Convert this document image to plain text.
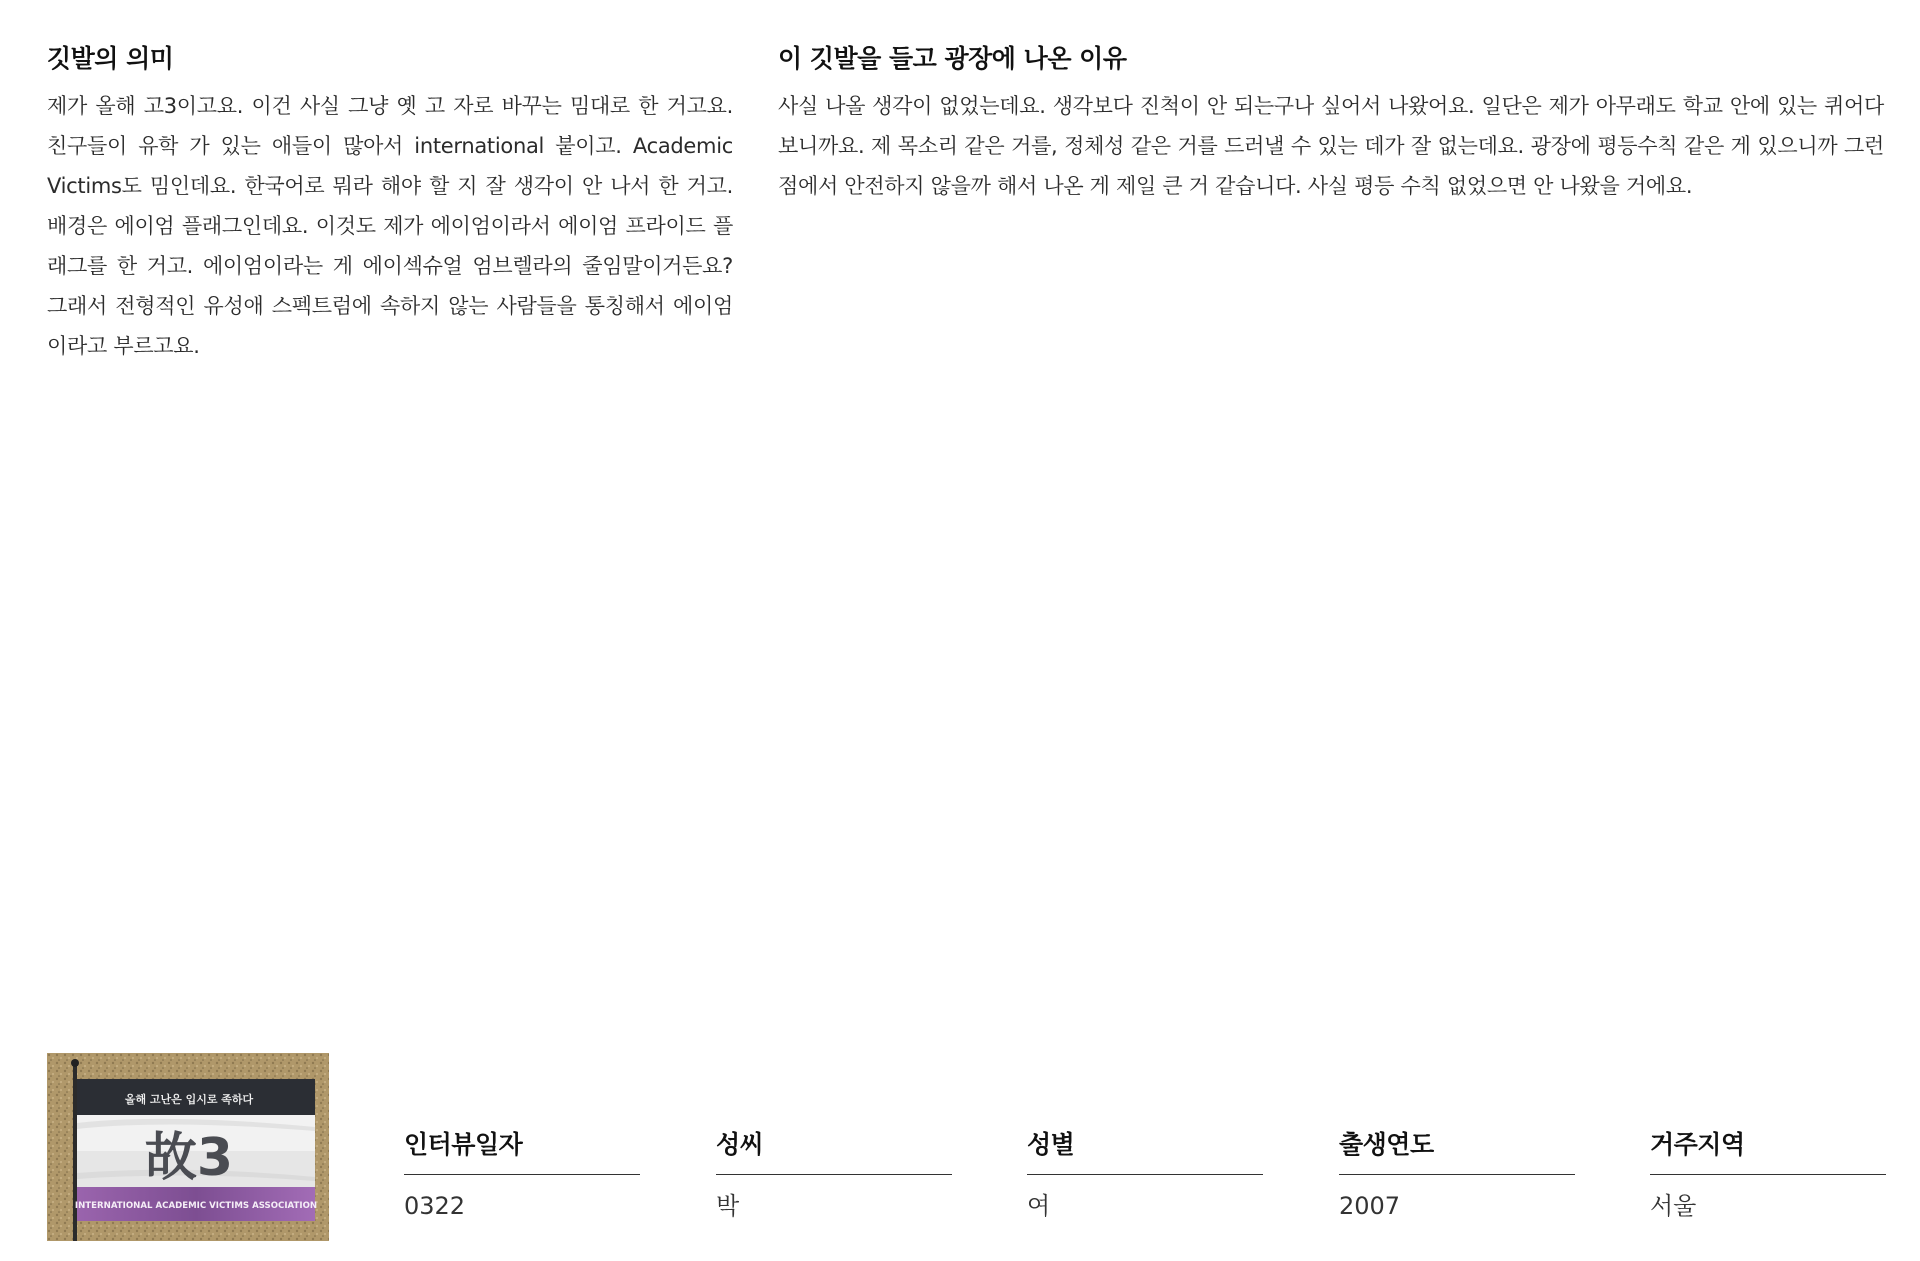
깃발의 의미

제가 올해 고3이고요. 이건 사실 그냥 옛 고 자로 바꾸는 밈대로 한 거고요. 친구들이 유학 가 있는 애들이 많아서 international 붙이고. Academic Victims도 밈인데요. 한국어로 뭐라 해야 할 지 잘 생각이 안 나서 한 거고. 배경은 에이엄 플래그인데요. 이것도 제가 에이엄이라서 에이엄 프라이드 플래그를 한 거고. 에이엄이라는 게 에이섹슈얼 엄브렐라의 줄임말이거든요? 그래서 전형적인 유성애 스펙트럼에 속하지 않는 사람들을 통칭해서 에이엄이라고 부르고요.

이 깃발을 들고 광장에 나온 이유

사실 나올 생각이 없었는데요. 생각보다 진척이 안 되는구나 싶어서 나왔어요. 일단은 제가 아무래도 학교 안에 있는 퀴어다 보니까요. 제 목소리 같은 거를, 정체성 같은 거를 드러낼 수 있는 데가 잘 없는데요. 광장에 평등수칙 같은 게 있으니까 그런 점에서 안전하지 않을까 해서 나온 게 제일 큰 거 같습니다. 사실 평등 수칙 없었으면 안 나왔을 거에요.

올해 고난은 입시로 족하다
故3
INTERNATIONAL ACADEMIC VICTIMS ASSOCIATION
인터뷰일자
0322
성씨
박
성별
여
출생연도
2007
거주지역
서울
